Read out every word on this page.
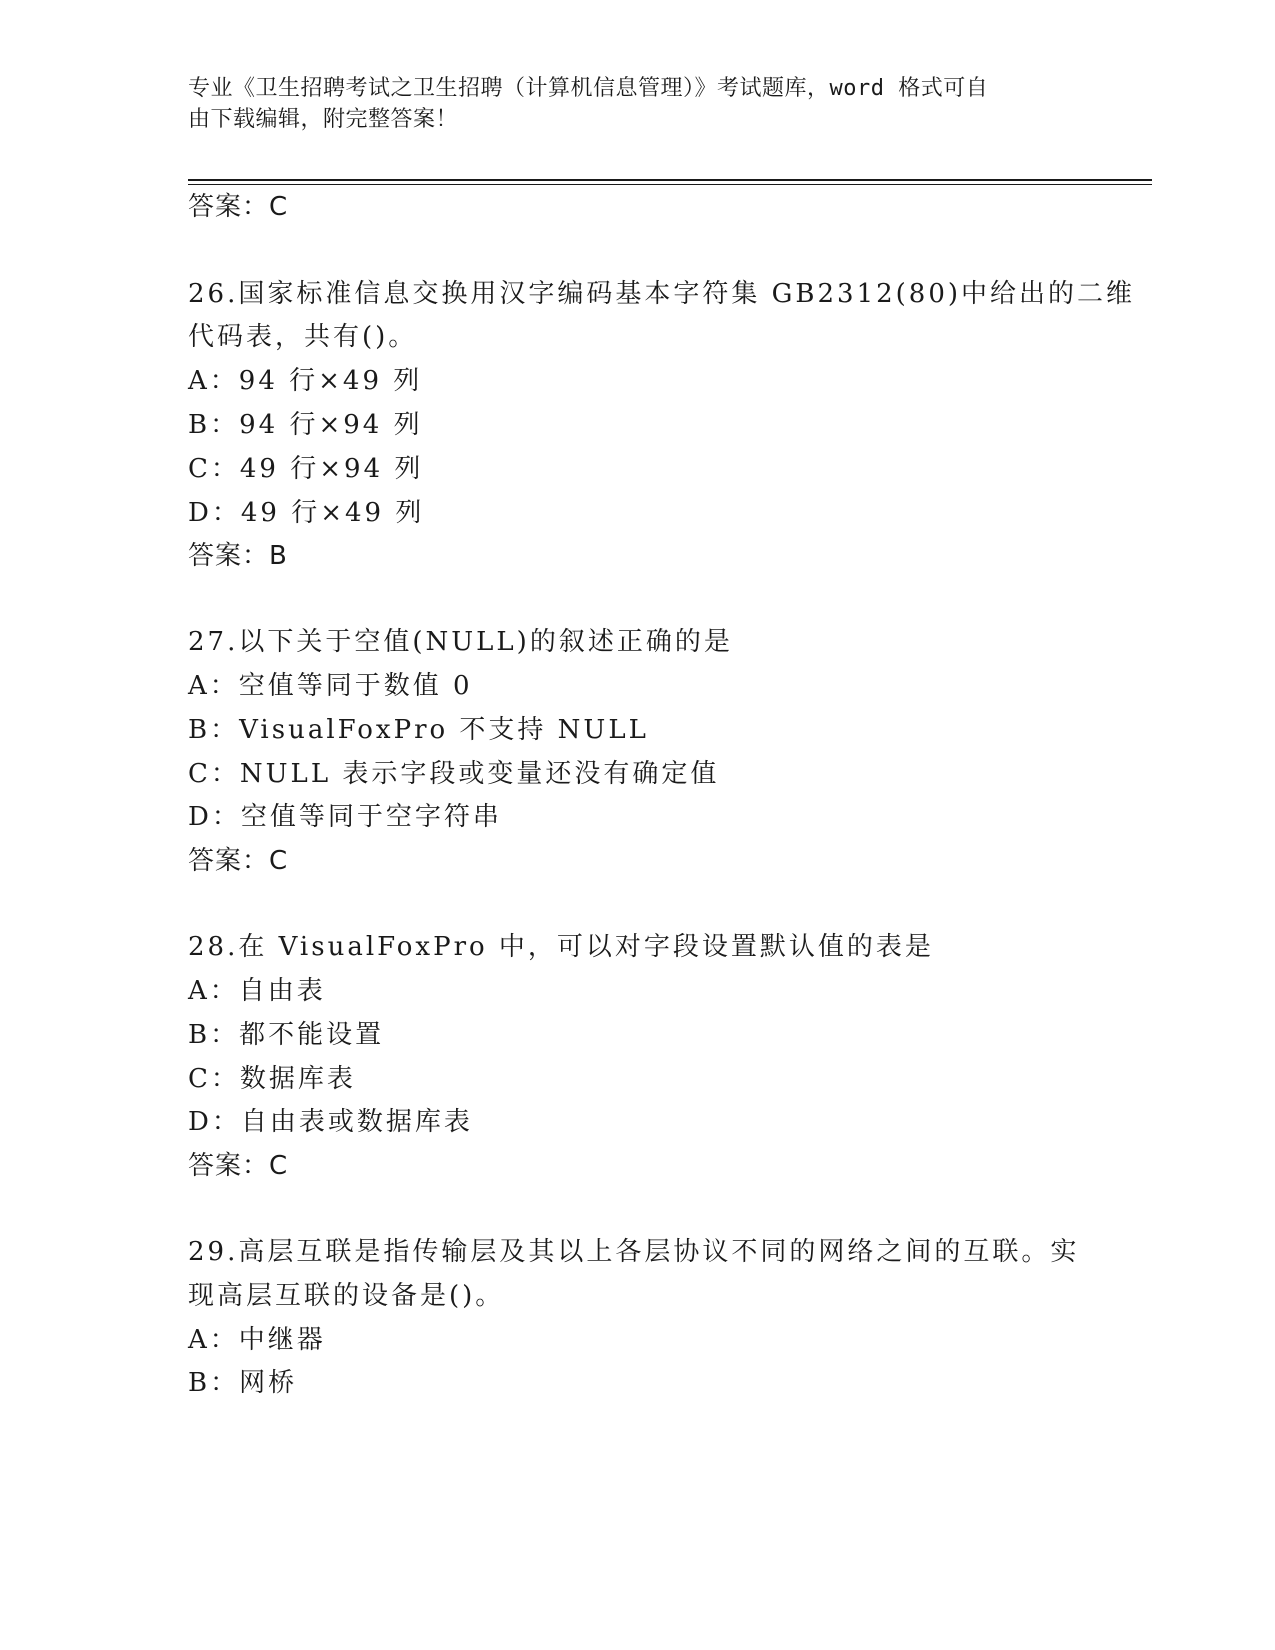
专业《卫生招聘考试之卫生招聘（计算机信息管理）》考试题库，word 格式可自
由下载编辑，附完整答案！
答案：C
26.国家标准信息交换用汉字编码基本字符集 GB2312(80)中给出的二维
代码表，共有()。
A：94 行×49 列
B：94 行×94 列
C：49 行×94 列
D：49 行×49 列
答案：B
27.以下关于空值(NULL)的叙述正确的是
A：空值等同于数值 0
B：VisualFoxPro 不支持 NULL
C：NULL 表示字段或变量还没有确定值
D：空值等同于空字符串
答案：C
28.在 VisualFoxPro 中，可以对字段设置默认值的表是
A：自由表
B：都不能设置
C：数据库表
D：自由表或数据库表
答案：C
29.高层互联是指传输层及其以上各层协议不同的网络之间的互联。实
现高层互联的设备是()。
A：中继器
B：网桥
